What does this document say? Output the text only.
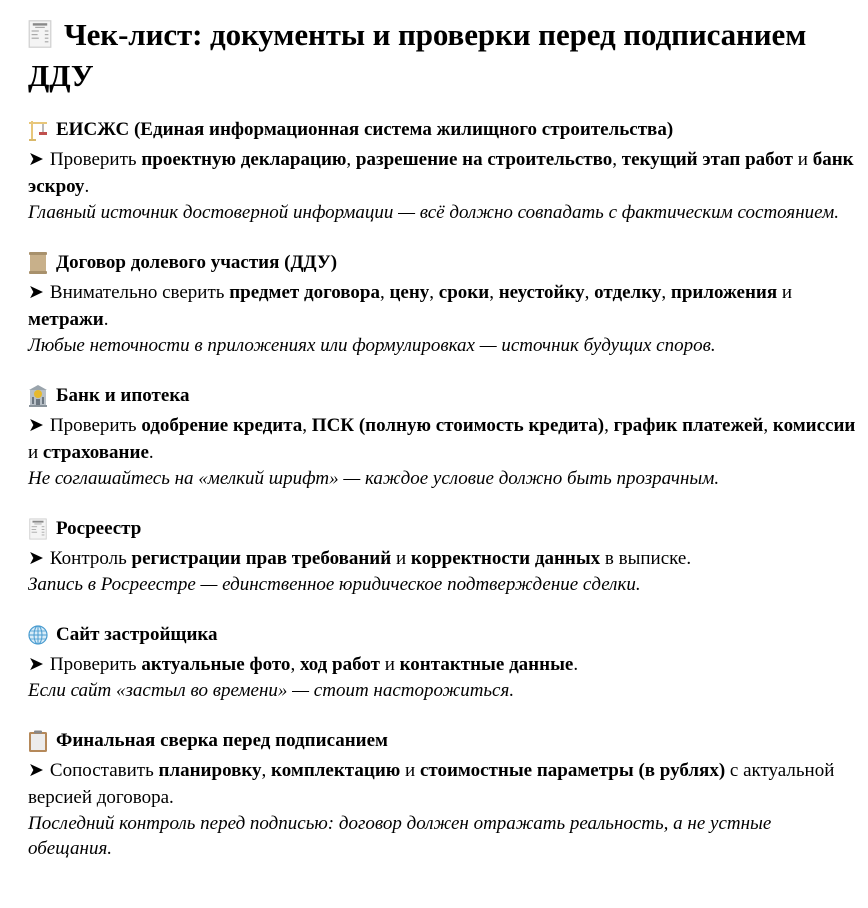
Чек-лист: документы и проверки перед подписанием ДДУ
ЕИСЖС (Единая информационная система жилищного строительства)

➤ Проверить проектную декларацию, разрешение на строительство, текущий этап работ и банк эскроу.

Главный источник достоверной информации — всё должно совпадать с фактическим состоянием.

Договор долевого участия (ДДУ)

➤ Внимательно сверить предмет договора, цену, сроки, неустойку, отделку, приложения и метражи.

Любые неточности в приложениях или формулировках — источник будущих споров.

Банк и ипотека

➤ Проверить одобрение кредита, ПСК (полную стоимость кредита), график платежей, комиссии и страхование.

Не соглашайтесь на «мелкий шрифт» — каждое условие должно быть прозрачным.

Росреестр

➤ Контроль регистрации прав требований и корректности данных в выписке.

Запись в Росреестре — единственное юридическое подтверждение сделки.

Сайт застройщика

➤ Проверить актуальные фото, ход работ и контактные данные.

Если сайт «застыл во времени» — стоит насторожиться.

Финальная сверка перед подписанием

➤ Сопоставить планировку, комплектацию и стоимостные параметры (в рублях) с актуальной версией договора.

Последний контроль перед подписью: договор должен отражать реальность, а не устные обещания.
